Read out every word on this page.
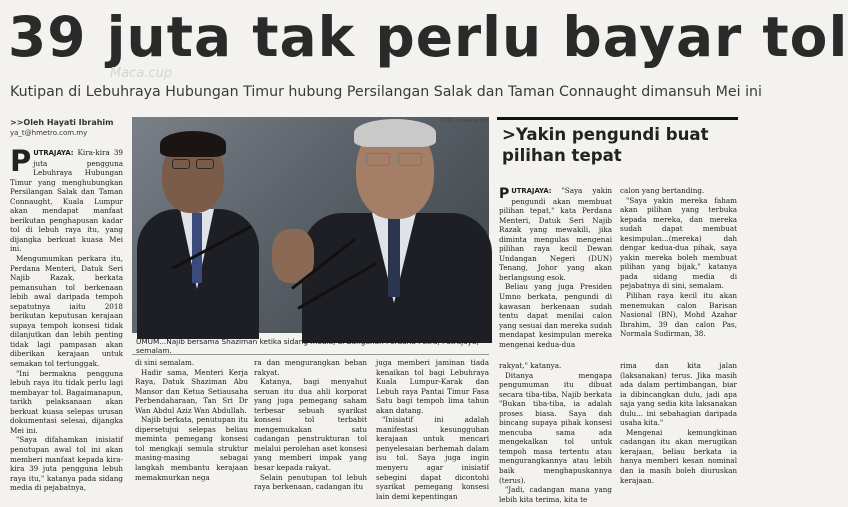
39 juta tak perlu bayar tol
Maca.cup
Kutipan di Lebuhraya Hubungan Timur hubung Persilangan Salak dan Taman Connaught dimansuh Mei ini
>>Oleh Hayati Ibrahim
ya_t@hmetro.com.my
FOTO | Izhari Ariffin
UMUM...Najib bersama Shaziman ketika sidang media, di Bangunan Perdana Putra, Putrajaya, semalam.
>Yakin pengundi buat pilihan tepat

PUTRAJAYA: Kira-kira 39 juta pengguna Lebuhraya Hubungan Timur yang menghubungkan Persilangan Salak dan Taman Connaught, Kuala Lumpur akan mendapat manfaat berikutan penghapusan kadar tol di lebuh raya itu, yang dijangka berkuat kuasa Mei ini.

Mengumumkan perkara itu, Perdana Menteri, Datuk Seri Najib Razak, berkata pemansuhan tol berkenaan lebih awal daripada tempoh sepatutnya iaitu 2018 berikutan keputusan kerajaan supaya tempoh konsesi tidak dilanjutkan dan lebih penting tidak lagi pampasan akan diberikan kerajaan untuk semakan tol tertunggak.

"Ini bermakna pengguna lebuh raya itu tidak perlu lagi membayar tol. Bagaimanapun, tarikh pelaksanaan akan berkuat kuasa selepas urusan dokumentasi selesai, dijangka Mei ini.

"Saya difahamkan inisiatif penutupan awal tol ini akan memberi manfaat kepada kira-kira 39 juta pengguna lebuh raya itu," katanya pada sidang media di pejabatnya,

di sini semalam.

Hadir sama, Menteri Kerja Raya, Datuk Shaziman Abu Mansor dan Ketua Setiausaha Perbendaharaan, Tan Sri Dr Wan Abdul Aziz Wan Abdullah.

Najib berkata, penutupan itu dipersetujui selepas beliau meminta pemegang konsesi tol mengkaji semula struktur masing-masing sebagai langkah membantu kerajaan memakmurkan nega

ra dan mengurangkan beban rakyat.

Katanya, bagi menyahut seruan itu dua ahli korporat yang juga pemegang saham terbesar sebuah syarikat konsesi tol terbabit mengemukakan satu cadangan penstrukturan tol melalui perolehan aset konsesi yang memberi impak yang besar kepada rakyat.

Selain penutupan tol lebuh raya berkenaan, cadangan itu

juga memberi jaminan tiada kenaikan tol bagi Lebuhraya Kuala Lumpur-Karak dan Lebuh raya Pantai Timur Fasa Satu bagi tempoh lima tahun akan datang.

"Inisiatif ini adalah manifestasi kesungguhan kerajaan untuk mencari penyelesaian berhemah dalam isu tol. Saya juga ingin menyeru agar inisiatif sebegini dapat dicontohi syarikat pemegang konsesi lain demi kepentingan

PUTRAJAYA: "Saya yakin pengundi akan membuat pilihan tepat," kata Perdana Menteri, Datuk Seri Najib Razak yang mewakili, jika diminta mengulas mengenai pilihan raya kecil Dewan Undangan Negeri (DUN) Tenang, Johor yang akan berlangsung esok.

Beliau yang juga Presiden Umno berkata, pengundi di kawasan berkenaan sudah tentu dapat menilai calon yang sesuai dan mereka sudah mendapat kesimpulan mereka mengenai kedua-dua

calon yang bertanding.

"Saya yakin mereka faham akan pilihan yang terbuka kepada mereka, dan mereka sudah dapat membuat kesimpulan...(mereka) dah dengar kedua-dua pihak, saya yakin mereka boleh membuat pilihan yang bijak," katanya pada sidang media di pejabatnya di sini, semalam.

Pilihan raya kecil itu akan menemukan calon Barisan Nasional (BN), Mohd Azahar Ibrahim, 39 dan calon Pas, Normala Sudirman, 38.

rakyat," katanya.

Ditanya mengapa pengumuman itu dibuat secara tiba-tiba, Najib berkata "Bukan tiba-tiba, ia adalah proses biasa. Saya dah bincang supaya pihak konsesi mencuba sama ada mengekalkan tol untuk tempoh masa tertentu atau mengurangkannya atau lebih baik menghapuskannya (terus).

"Jadi, cadangan mana yang lebih kita terima, kita te

rima dan kita jalan (laksanakan) terus. Jika masih ada dalam pertimbangan, biar ia dibincangkan dulu, jadi apa saja yang sedia kita laksanakan dulu... ini sebahagian daripada usaha kita."

Mengenai kemungkinan cadangan itu akan merugikan kerajaan, beliau berkata ia hanya memberi kesan nominal dan ia masih boleh diuruskan kerajaan.
